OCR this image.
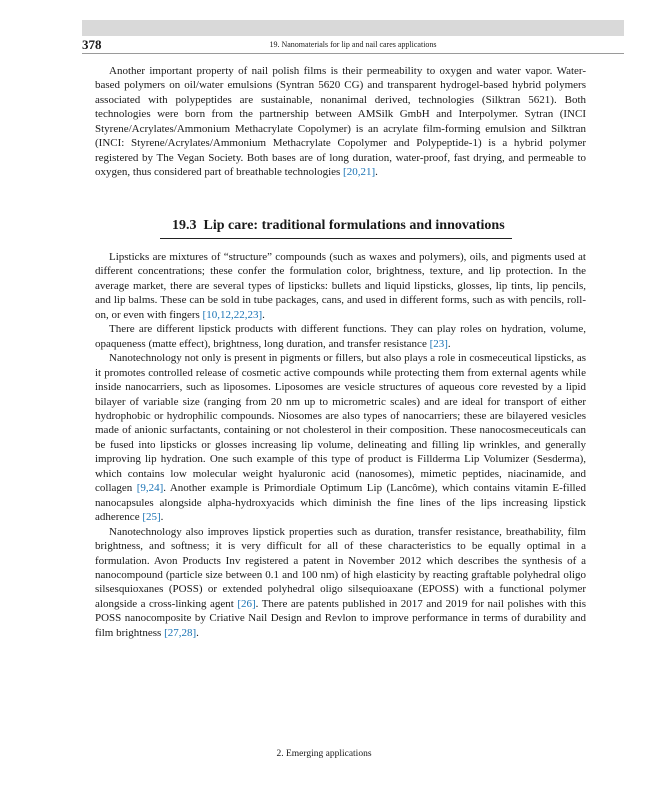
378	19. Nanomaterials for lip and nail cares applications

Another important property of nail polish films is their permeability to oxygen and water vapor. Water-based polymers on oil/water emulsions (Syntran 5620 CG) and transparent hydrogel-based hybrid polymers associated with polypeptides are sustainable, nonanimal derived, technologies (Silktran 5621). Both technologies were born from the partnership between AMSilk GmbH and Interpolymer. Sytran (INCI Styrene/Acrylates/Ammonium Methacrylate Copolymer) is an acrylate film-forming emulsion and Silktran (INCI: Styrene/Acrylates/Ammonium Methacrylate Copolymer and Polypeptide-1) is a hybrid polymer registered by The Vegan Society. Both bases are of long duration, water-proof, fast drying, and permeable to oxygen, thus considered part of breathable technologies [20,21].

19.3 Lip care: traditional formulations and innovations

Lipsticks are mixtures of “structure” compounds (such as waxes and polymers), oils, and pigments used at different concentrations; these confer the formulation color, brightness, texture, and lip protection. In the average market, there are several types of lipsticks: bullets and liquid lipsticks, glosses, lip tints, lip pencils, and lip balms. These can be sold in tube packages, cans, and used in different forms, such as with pencils, roll-on, or even with fingers [10,12,22,23].

There are different lipstick products with different functions. They can play roles on hydration, volume, opaqueness (matte effect), brightness, long duration, and transfer resistance [23].

Nanotechnology not only is present in pigments or fillers, but also plays a role in cosmeceutical lipsticks, as it promotes controlled release of cosmetic active compounds while protecting them from external agents while inside nanocarriers, such as liposomes. Liposomes are vesicle structures of aqueous core revested by a lipid bilayer of variable size (ranging from 20 nm up to micrometric scales) and are ideal for transport of either hydrophobic or hydrophilic compounds. Niosomes are also types of nanocarriers; these are bilayered vesicles made of anionic surfactants, containing or not cholesterol in their composition. These nanocosmeceuticals can be fused into lipsticks or glosses increasing lip volume, delineating and filling lip wrinkles, and generally improving lip hydration. One such example of this type of product is Fillderma Lip Volumizer (Sesderma), which contains low molecular weight hyaluronic acid (nanosomes), mimetic peptides, niacinamide, and collagen [9,24]. Another example is Primordiale Optimum Lip (Lancôme), which contains vitamin E-filled nanocapsules alongside alpha-hydroxyacids which diminish the fine lines of the lips increasing lipstick adherence [25].

Nanotechnology also improves lipstick properties such as duration, transfer resistance, breathability, film brightness, and softness; it is very difficult for all of these characteristics to be equally optimal in a formulation. Avon Products Inv registered a patent in November 2012 which describes the synthesis of a nanocompound (particle size between 0.1 and 100 nm) of high elasticity by reacting graftable polyhedral oligo silsesquioxanes (POSS) or extended polyhedral oligo silsequioaxane (EPOSS) with a functional polymer alongside a cross-linking agent [26]. There are patents published in 2017 and 2019 for nail polishes with this POSS nanocomposite by Criative Nail Design and Revlon to improve performance in terms of durability and film brightness [27,28].

2. Emerging applications
